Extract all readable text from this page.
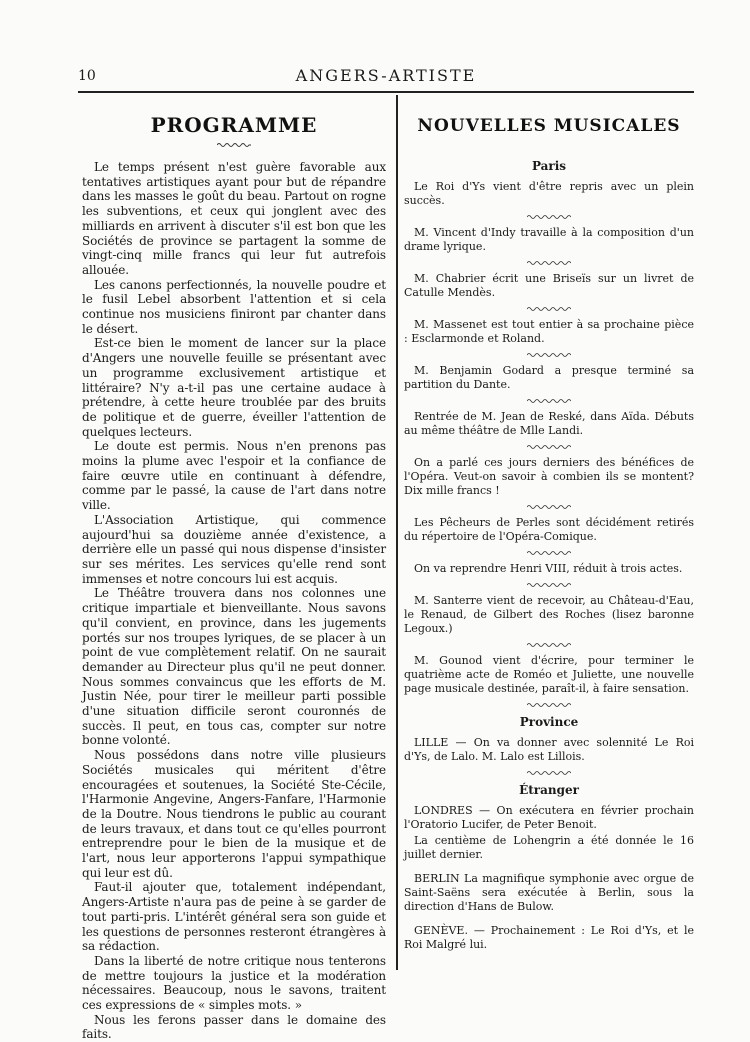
10	ANGERS-ARTISTE
PROGRAMME

Le temps présent n'est guère favorable aux tentatives artistiques ayant pour but de répandre dans les masses le goût du beau. Partout on rogne les subventions, et ceux qui jonglent avec des milliards en arrivent à discuter s'il est bon que les Sociétés de province se partagent la somme de vingt-cinq mille francs qui leur fut autrefois allouée.

Les canons perfectionnés, la nouvelle poudre et le fusil Lebel absorbent l'attention et si cela continue nos musiciens finiront par chanter dans le désert.

Est-ce bien le moment de lancer sur la place d'Angers une nouvelle feuille se présentant avec un programme exclusivement artistique et littéraire? N'y a-t-il pas une certaine audace à prétendre, à cette heure troublée par des bruits de politique et de guerre, éveiller l'attention de quelques lecteurs.

Le doute est permis. Nous n'en prenons pas moins la plume avec l'espoir et la confiance de faire œuvre utile en continuant à défendre, comme par le passé, la cause de l'art dans notre ville.

L'Association Artistique, qui commence aujourd'hui sa douzième année d'existence, a derrière elle un passé qui nous dispense d'insister sur ses mérites. Les services qu'elle rend sont immenses et notre concours lui est acquis.

Le Théâtre trouvera dans nos colonnes une critique impartiale et bienveillante. Nous savons qu'il convient, en province, dans les jugements portés sur nos troupes lyriques, de se placer à un point de vue complètement relatif. On ne saurait demander au Directeur plus qu'il ne peut donner. Nous sommes convaincus que les efforts de M. Justin Née, pour tirer le meilleur parti possible d'une situation difficile seront couronnés de succès. Il peut, en tous cas, compter sur notre bonne volonté.

Nous possédons dans notre ville plusieurs Sociétés musicales qui méritent d'être encouragées et soutenues, la Société Ste-Cécile, l'Harmonie Angevine, Angers-Fanfare, l'Harmonie de la Doutre. Nous tiendrons le public au courant de leurs travaux, et dans tout ce qu'elles pourront entreprendre pour le bien de la musique et de l'art, nous leur apporterons l'appui sympathique qui leur est dû.

Faut-il ajouter que, totalement indépendant, Angers-Artiste n'aura pas de peine à se garder de tout parti-pris. L'intérêt général sera son guide et les questions de personnes resteront étrangères à sa rédaction.

Dans la liberté de notre critique nous tenterons de mettre toujours la justice et la modération nécessaires. Beaucoup, nous le savons, traitent ces expressions de « simples mots. »

Nous les ferons passer dans le domaine des faits.

NOUVELLES MUSICALES
Paris

Le Roi d'Ys vient d'être repris avec un plein succès.

M. Vincent d'Indy travaille à la composition d'un drame lyrique.

M. Chabrier écrit une Briseïs sur un livret de Catulle Mendès.

M. Massenet est tout entier à sa prochaine pièce : Esclarmonde et Roland.

M. Benjamin Godard a presque terminé sa partition du Dante.

Rentrée de M. Jean de Reské, dans Aïda. Débuts au même théâtre de Mlle Landi.

On a parlé ces jours derniers des bénéfices de l'Opéra. Veut-on savoir à combien ils se montent? Dix mille francs !

Les Pêcheurs de Perles sont décidément retirés du répertoire de l'Opéra-Comique.

On va reprendre Henri VIII, réduit à trois actes.

M. Santerre vient de recevoir, au Château-d'Eau, le Renaud, de Gilbert des Roches (lisez baronne Legoux.)

M. Gounod vient d'écrire, pour terminer le quatrième acte de Roméo et Juliette, une nouvelle page musicale destinée, paraît-il, à faire sensation.

Province

LILLE — On va donner avec solennité Le Roi d'Ys, de Lalo. M. Lalo est Lillois.

Étranger

LONDRES — On exécutera en février prochain l'Oratorio Lucifer, de Peter Benoit.

La centième de Lohengrin a été donnée le 16 juillet dernier.

BERLIN La magnifique symphonie avec orgue de Saint-Saëns sera exécutée à Berlin, sous la direction d'Hans de Bulow.

GENÈVE. — Prochainement : Le Roi d'Ys, et le Roi Malgré lui.
